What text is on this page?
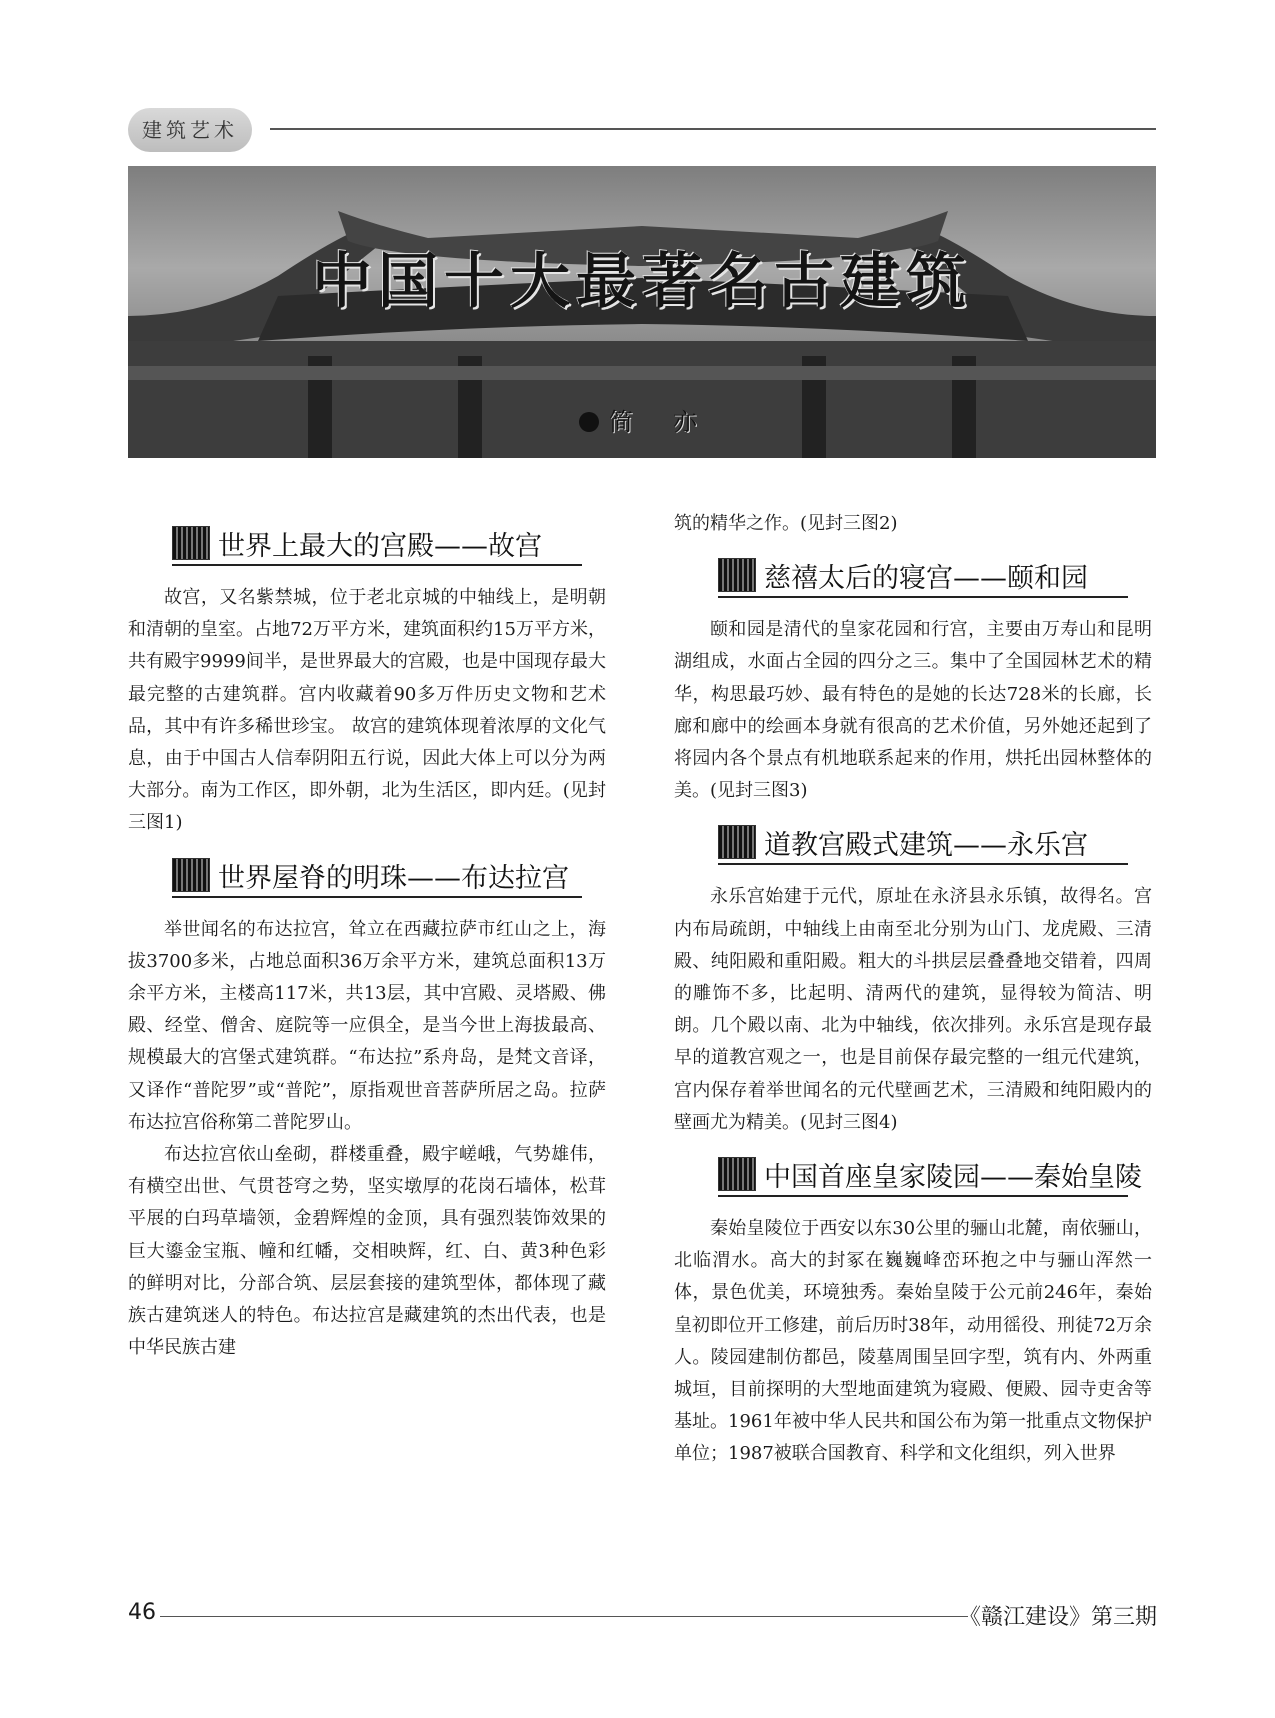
建筑艺术
中国十大最著名古建筑
简　亦
世界上最大的宫殿——故宫

故宫，又名紫禁城，位于老北京城的中轴线上，是明朝和清朝的皇室。占地72万平方米，建筑面积约15万平方米，共有殿宇9999间半，是世界最大的宫殿，也是中国现存最大最完整的古建筑群。宫内收藏着90多万件历史文物和艺术品，其中有许多稀世珍宝。 故宫的建筑体现着浓厚的文化气息，由于中国古人信奉阴阳五行说，因此大体上可以分为两大部分。南为工作区，即外朝，北为生活区，即内廷。(见封三图1)

世界屋脊的明珠——布达拉宫

举世闻名的布达拉宫，耸立在西藏拉萨市红山之上，海拔3700多米，占地总面积36万余平方米，建筑总面积13万余平方米，主楼高117米，共13层，其中宫殿、灵塔殿、佛殿、经堂、僧舍、庭院等一应俱全，是当今世上海拔最高、规模最大的宫堡式建筑群。“布达拉”系舟岛，是梵文音译，又译作“普陀罗”或“普陀”，原指观世音菩萨所居之岛。拉萨布达拉宫俗称第二普陀罗山。

布达拉宫依山垒砌，群楼重叠，殿宇嵯峨，气势雄伟，有横空出世、气贯苍穹之势，坚实墩厚的花岗石墙体，松茸平展的白玛草墙领，金碧辉煌的金顶，具有强烈装饰效果的巨大鎏金宝瓶、幢和红幡，交相映辉，红、白、黄3种色彩的鲜明对比，分部合筑、层层套接的建筑型体，都体现了藏族古建筑迷人的特色。布达拉宫是藏建筑的杰出代表，也是中华民族古建

筑的精华之作。(见封三图2)

慈禧太后的寝宫——颐和园

颐和园是清代的皇家花园和行宫，主要由万寿山和昆明湖组成，水面占全园的四分之三。集中了全国园林艺术的精华，构思最巧妙、最有特色的是她的长达728米的长廊，长廊和廊中的绘画本身就有很高的艺术价值，另外她还起到了将园内各个景点有机地联系起来的作用，烘托出园林整体的美。(见封三图3)

道教宫殿式建筑——永乐宫

永乐宫始建于元代，原址在永济县永乐镇，故得名。宫内布局疏朗，中轴线上由南至北分别为山门、龙虎殿、三清殿、纯阳殿和重阳殿。粗大的斗拱层层叠叠地交错着，四周的雕饰不多，比起明、清两代的建筑，显得较为简洁、明朗。几个殿以南、北为中轴线，依次排列。永乐宫是现存最早的道教宫观之一，也是目前保存最完整的一组元代建筑，宫内保存着举世闻名的元代壁画艺术，三清殿和纯阳殿内的壁画尤为精美。(见封三图4)

中国首座皇家陵园——秦始皇陵

秦始皇陵位于西安以东30公里的骊山北麓，南依骊山，北临渭水。高大的封冢在巍巍峰峦环抱之中与骊山浑然一体，景色优美，环境独秀。秦始皇陵于公元前246年，秦始皇初即位开工修建，前后历时38年，动用徭役、刑徒72万余人。陵园建制仿都邑，陵墓周围呈回字型，筑有内、外两重城垣，目前探明的大型地面建筑为寝殿、便殿、园寺吏舍等基址。1961年被中华人民共和国公布为第一批重点文物保护单位；1987被联合国教育、科学和文化组织，列入世界

46	《赣江建设》第三期
